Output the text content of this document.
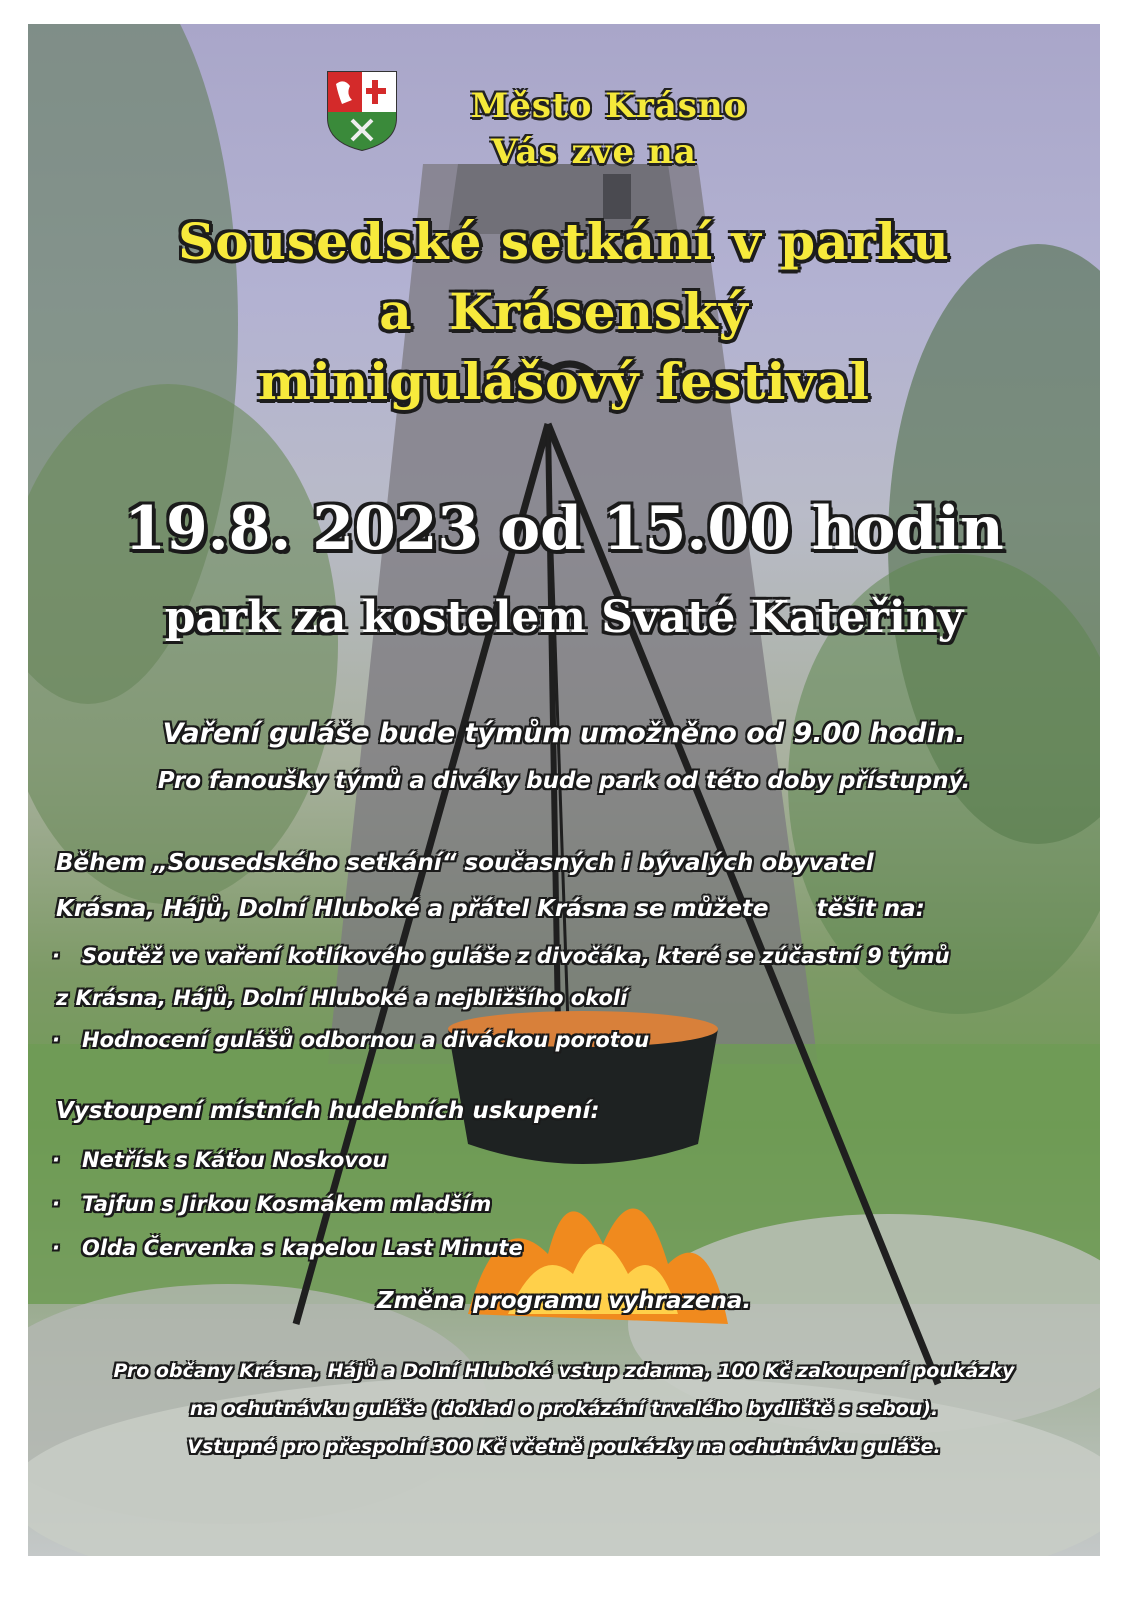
Město Krásno
Vás zve na
Sousedské setkání v parku
a  Krásenský
minigulášový festival
19.8. 2023 od 15.00 hodin
park za kostelem Svaté Kateřiny
Vaření guláše bude týmům umožněno od 9.00 hodin.
Pro fanoušky týmů a diváky bude park od této doby přístupný.
Během „Sousedského setkání“ současných i bývalých obyvatel
Krásna, Hájů, Dolní Hluboké a přátel Krásna se můžete      těšit na:
· Soutěž ve vaření kotlíkového guláše z divočáka, které se zúčastní 9 týmů
z Krásna, Hájů, Dolní Hluboké a nejbližšího okolí
· Hodnocení gulášů odbornou a diváckou porotou
Vystoupení místních hudebních uskupení:
· Netřísk s Káťou Noskovou
· Tajfun s Jirkou Kosmákem mladším
· Olda Červenka s kapelou Last Minute
Změna programu vyhrazena.
Pro občany Krásna, Hájů a Dolní Hluboké vstup zdarma, 100 Kč zakoupení poukázky
na ochutnávku guláše (doklad o prokázání trvalého bydliště s sebou).
Vstupné pro přespolní 300 Kč včetně poukázky na ochutnávku guláše.
